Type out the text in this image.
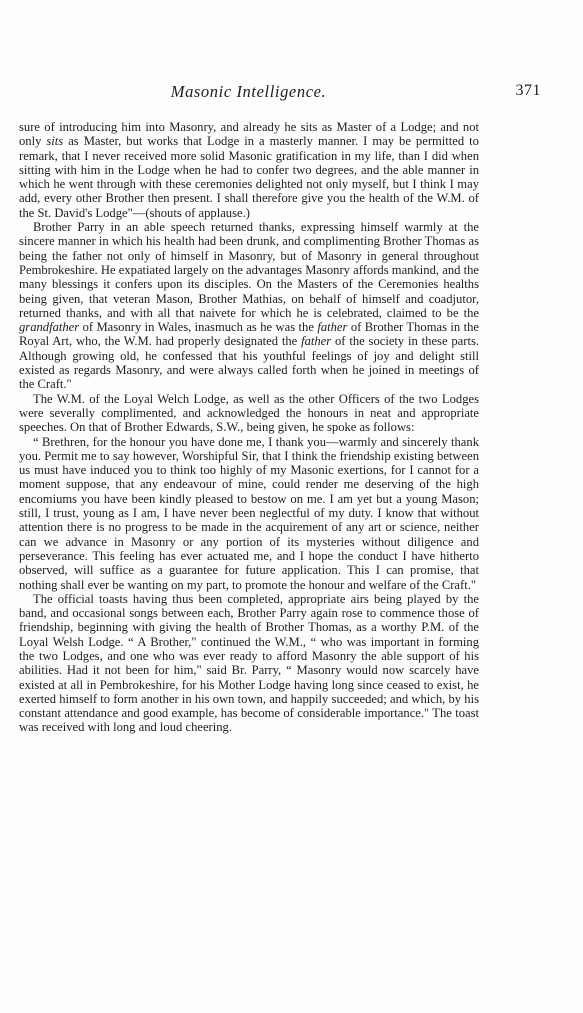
Masonic Intelligence.	371

sure of introducing him into Masonry, and already he sits as Master of a Lodge; and not only sits as Master, but works that Lodge in a masterly manner. I may be permitted to remark, that I never received more solid Masonic gratification in my life, than I did when sitting with him in the Lodge when he had to confer two degrees, and the able manner in which he went through with these ceremonies delighted not only myself, but I think I may add, every other Brother then present. I shall therefore give you the health of the W.M. of the St. David's Lodge"—(shouts of applause.)

Brother Parry in an able speech returned thanks, expressing himself warmly at the sincere manner in which his health had been drunk, and complimenting Brother Thomas as being the father not only of himself in Masonry, but of Masonry in general throughout Pembrokeshire. He expatiated largely on the advantages Masonry affords mankind, and the many blessings it confers upon its disciples. On the Masters of the Ceremonies healths being given, that veteran Mason, Brother Mathias, on behalf of himself and coadjutor, returned thanks, and with all that naivete for which he is celebrated, claimed to be the grandfather of Masonry in Wales, inasmuch as he was the father of Brother Thomas in the Royal Art, who, the W.M. had properly designated the father of the society in these parts. Although growing old, he confessed that his youthful feelings of joy and delight still existed as regards Masonry, and were always called forth when he joined in meetings of the Craft."

The W.M. of the Loyal Welch Lodge, as well as the other Officers of the two Lodges were severally complimented, and acknowledged the honours in neat and appropriate speeches. On that of Brother Edwards, S.W., being given, he spoke as follows:

“ Brethren, for the honour you have done me, I thank you—warmly and sincerely thank you. Permit me to say however, Worshipful Sir, that I think the friendship existing between us must have induced you to think too highly of my Masonic exertions, for I cannot for a moment suppose, that any endeavour of mine, could render me deserving of the high encomiums you have been kindly pleased to bestow on me. I am yet but a young Mason; still, I trust, young as I am, I have never been neglectful of my duty. I know that without attention there is no progress to be made in the acquirement of any art or science, neither can we advance in Masonry or any portion of its mysteries without diligence and perseverance. This feeling has ever actuated me, and I hope the conduct I have hitherto observed, will suffice as a guarantee for future application. This I can promise, that nothing shall ever be wanting on my part, to promote the honour and welfare of the Craft."

The official toasts having thus been completed, appropriate airs being played by the band, and occasional songs between each, Brother Parry again rose to commence those of friendship, beginning with giving the health of Brother Thomas, as a worthy P.M. of the Loyal Welsh Lodge. “ A Brother," continued the W.M., “ who was important in forming the two Lodges, and one who was ever ready to afford Masonry the able support of his abilities. Had it not been for him," said Br. Parry, “ Masonry would now scarcely have existed at all in Pembrokeshire, for his Mother Lodge having long since ceased to exist, he exerted himself to form another in his own town, and happily succeeded; and which, by his constant attendance and good example, has become of considerable importance." The toast was received with long and loud cheering.
